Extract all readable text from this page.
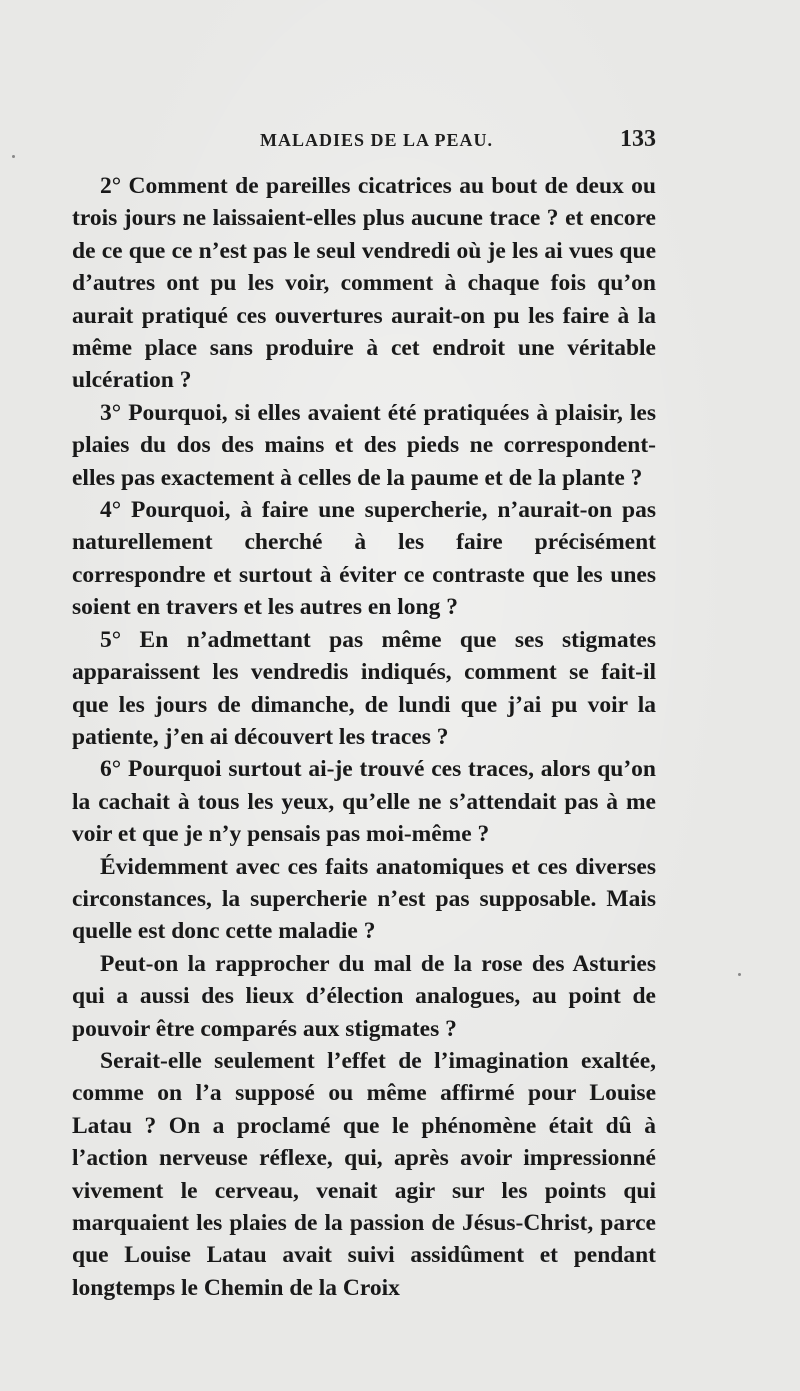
MALADIES DE LA PEAU.	133

2° Comment de pareilles cicatrices au bout de deux ou trois jours ne laissaient-elles plus aucune trace ? et encore de ce que ce n’est pas le seul vendredi où je les ai vues que d’autres ont pu les voir, comment à chaque fois qu’on aurait pratiqué ces ouvertures aurait-on pu les faire à la même place sans produire à cet endroit une véritable ulcération ?

3° Pourquoi, si elles avaient été pratiquées à plaisir, les plaies du dos des mains et des pieds ne correspondent-elles pas exactement à celles de la paume et de la plante ?

4° Pourquoi, à faire une supercherie, n’aurait-on pas naturellement cherché à les faire précisément correspondre et surtout à éviter ce contraste que les unes soient en travers et les autres en long ?

5° En n’admettant pas même que ses stigmates apparaissent les vendredis indiqués, comment se fait-il que les jours de dimanche, de lundi que j’ai pu voir la patiente, j’en ai découvert les traces ?

6° Pourquoi surtout ai-je trouvé ces traces, alors qu’on la cachait à tous les yeux, qu’elle ne s’attendait pas à me voir et que je n’y pensais pas moi-même ?

Évidemment avec ces faits anatomiques et ces diverses circonstances, la supercherie n’est pas supposable. Mais quelle est donc cette maladie ?

Peut-on la rapprocher du mal de la rose des Asturies qui a aussi des lieux d’élection analogues, au point de pouvoir être comparés aux stigmates ?

Serait-elle seulement l’effet de l’imagination exaltée, comme on l’a supposé ou même affirmé pour Louise Latau ? On a proclamé que le phénomène était dû à l’action nerveuse réflexe, qui, après avoir impressionné vivement le cerveau, venait agir sur les points qui marquaient les plaies de la passion de Jésus-Christ, parce que Louise Latau avait suivi assidûment et pendant longtemps le Chemin de la Croix
